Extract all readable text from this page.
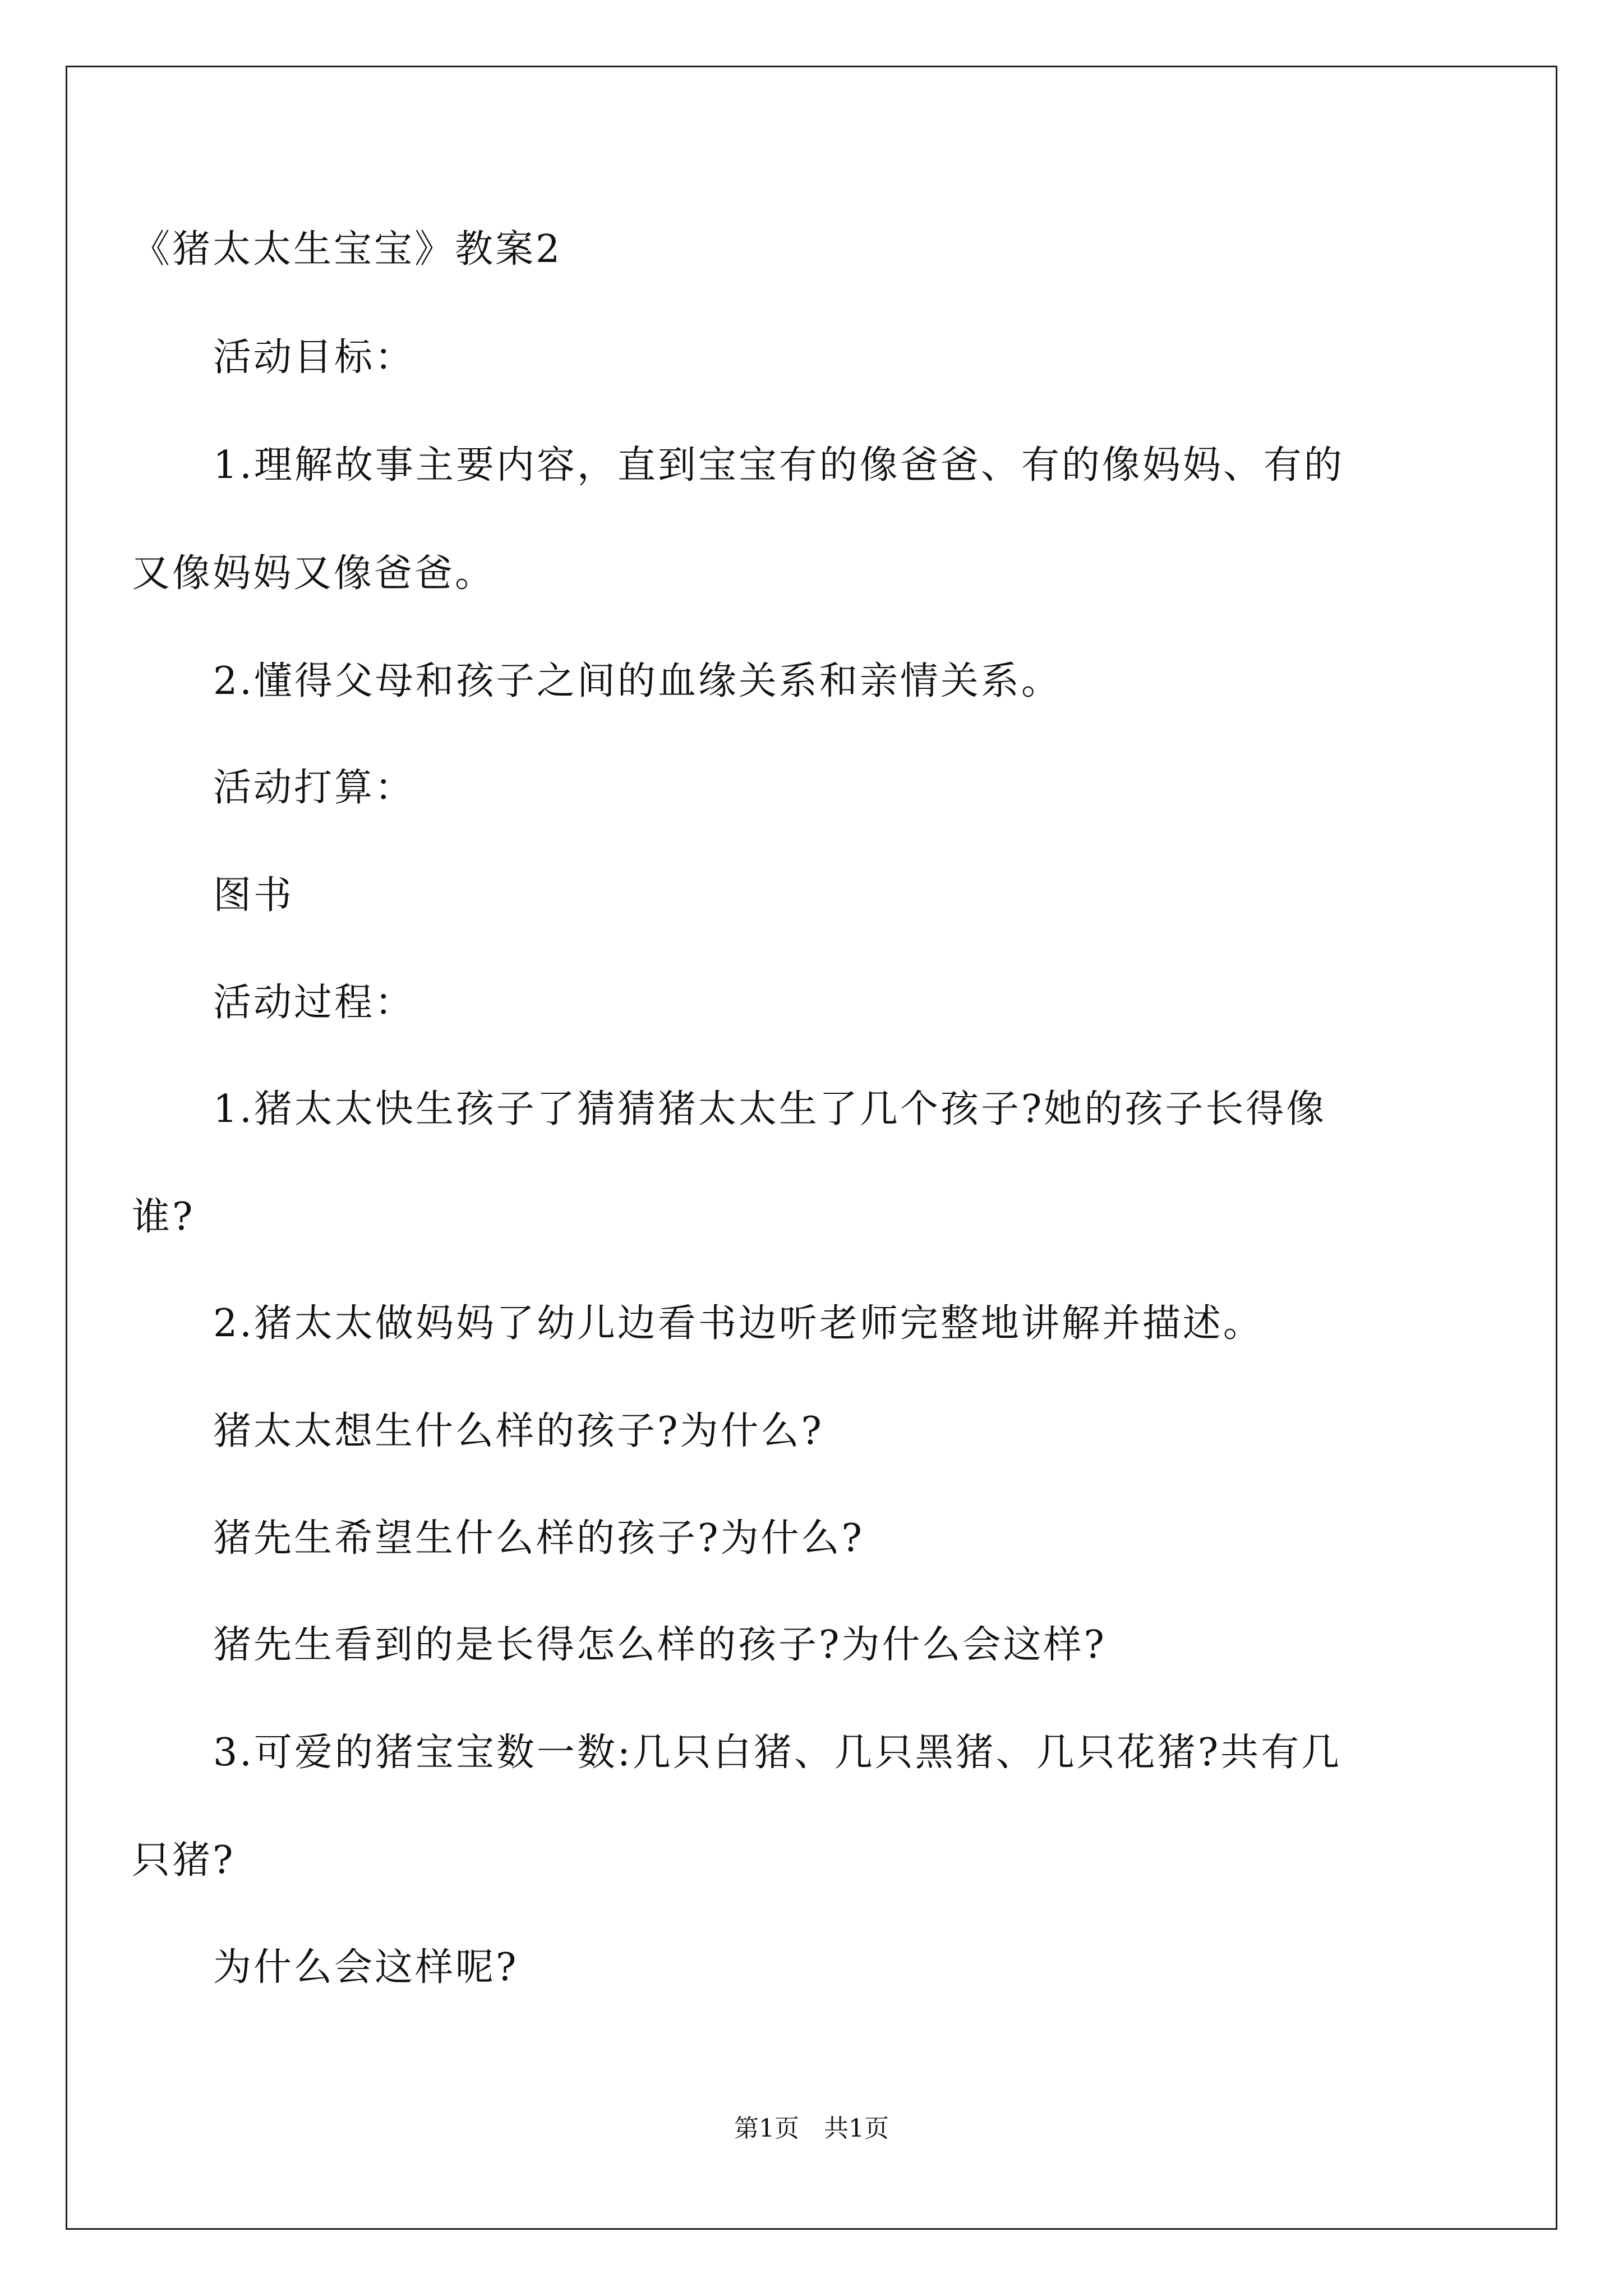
《猪太太生宝宝》教案2
活动目标：
1.理解故事主要内容，直到宝宝有的像爸爸、有的像妈妈、有的
又像妈妈又像爸爸。
2.懂得父母和孩子之间的血缘关系和亲情关系。
活动打算：
图书
活动过程：
1.猪太太快生孩子了猜猜猪太太生了几个孩子?她的孩子长得像
谁?
2.猪太太做妈妈了幼儿边看书边听老师完整地讲解并描述。
猪太太想生什么样的孩子?为什么?
猪先生希望生什么样的孩子?为什么?
猪先生看到的是长得怎么样的孩子?为什么会这样?
3.可爱的猪宝宝数一数:几只白猪、几只黑猪、几只花猪?共有几
只猪?
为什么会这样呢?
第1页　共1页
